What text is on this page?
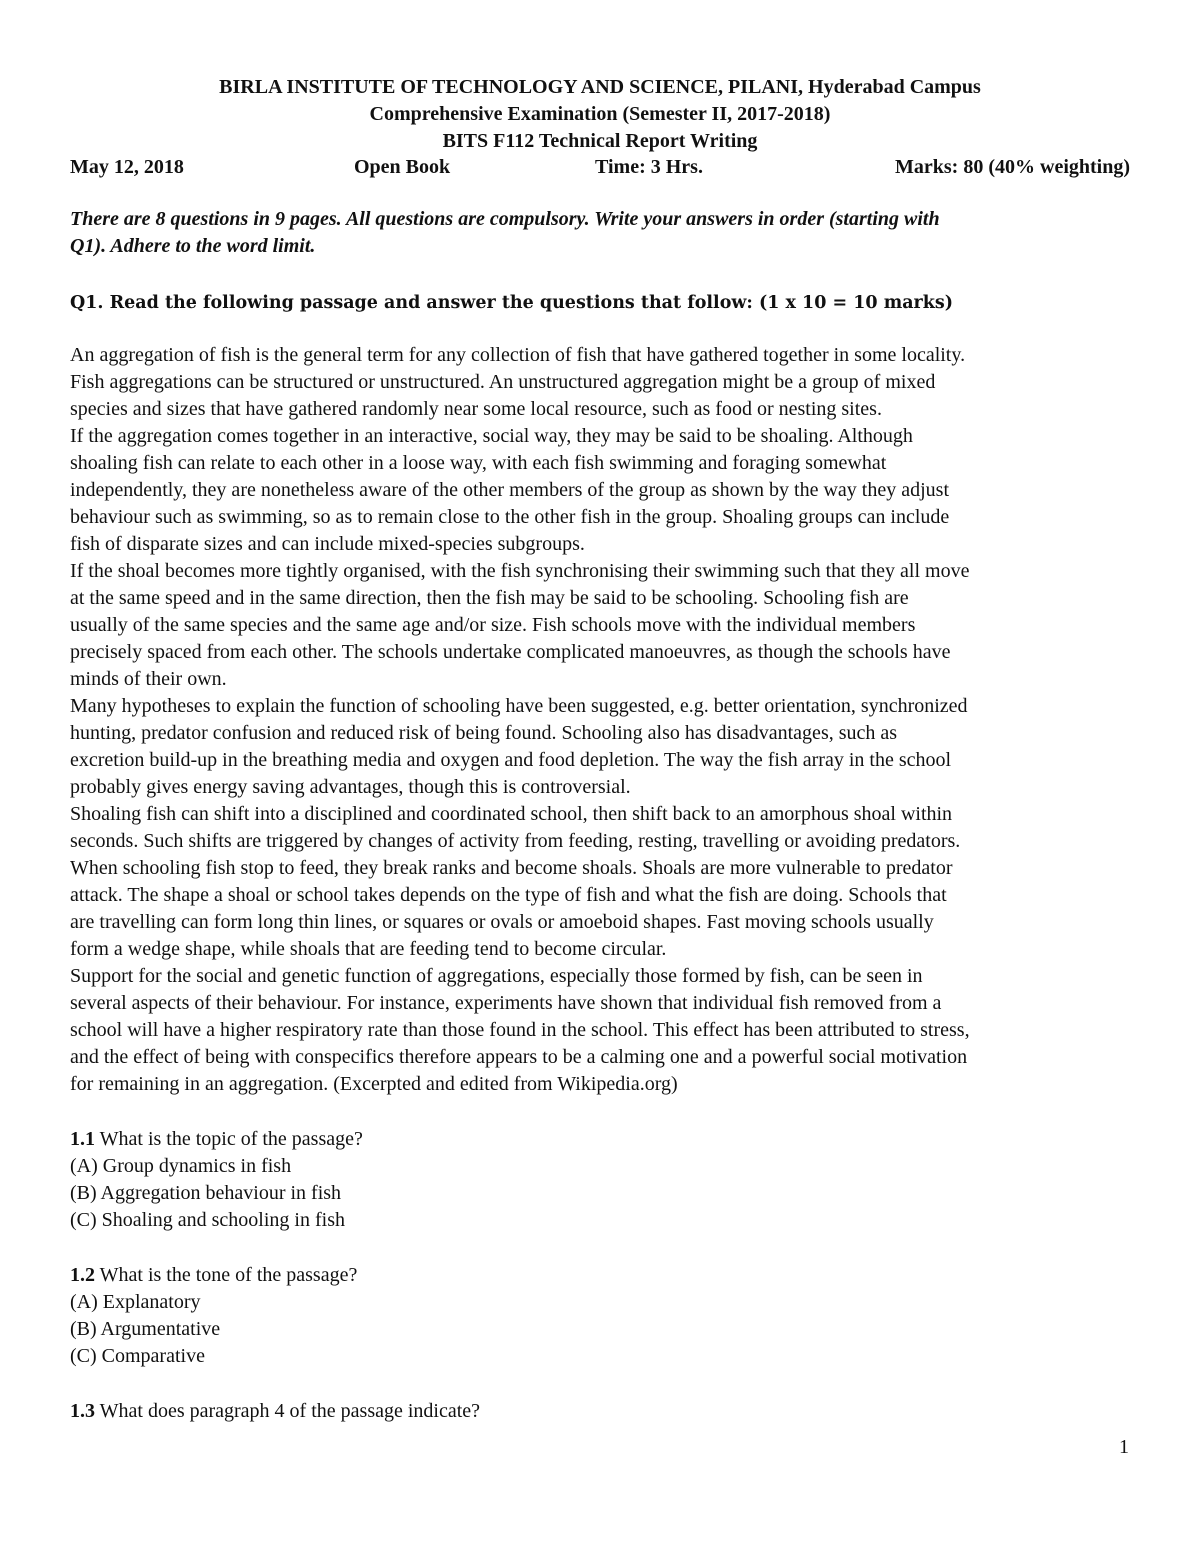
BIRLA INSTITUTE OF TECHNOLOGY AND SCIENCE, PILANI, Hyderabad Campus
Comprehensive Examination (Semester II, 2017-2018)
BITS F112 Technical Report Writing
May 12, 2018	Open Book	Time: 3 Hrs.	Marks: 80 (40% weighting)
There are 8 questions in 9 pages. All questions are compulsory. Write your answers in order (starting with
Q1). Adhere to the word limit.
Q1. Read the following passage and answer the questions that follow: (1 x 10 = 10 marks)
An aggregation of fish is the general term for any collection of fish that have gathered together in some locality.
Fish aggregations can be structured or unstructured. An unstructured aggregation might be a group of mixed
species and sizes that have gathered randomly near some local resource, such as food or nesting sites.
If the aggregation comes together in an interactive, social way, they may be said to be shoaling. Although
shoaling fish can relate to each other in a loose way, with each fish swimming and foraging somewhat
independently, they are nonetheless aware of the other members of the group as shown by the way they adjust
behaviour such as swimming, so as to remain close to the other fish in the group. Shoaling groups can include
fish of disparate sizes and can include mixed-species subgroups.
If the shoal becomes more tightly organised, with the fish synchronising their swimming such that they all move
at the same speed and in the same direction, then the fish may be said to be schooling. Schooling fish are
usually of the same species and the same age and/or size. Fish schools move with the individual members
precisely spaced from each other. The schools undertake complicated manoeuvres, as though the schools have
minds of their own.
Many hypotheses to explain the function of schooling have been suggested, e.g. better orientation, synchronized
hunting, predator confusion and reduced risk of being found. Schooling also has disadvantages, such as
excretion build-up in the breathing media and oxygen and food depletion. The way the fish array in the school
probably gives energy saving advantages, though this is controversial.
Shoaling fish can shift into a disciplined and coordinated school, then shift back to an amorphous shoal within
seconds. Such shifts are triggered by changes of activity from feeding, resting, travelling or avoiding predators.
When schooling fish stop to feed, they break ranks and become shoals. Shoals are more vulnerable to predator
attack. The shape a shoal or school takes depends on the type of fish and what the fish are doing. Schools that
are travelling can form long thin lines, or squares or ovals or amoeboid shapes. Fast moving schools usually
form a wedge shape, while shoals that are feeding tend to become circular.
Support for the social and genetic function of aggregations, especially those formed by fish, can be seen in
several aspects of their behaviour. For instance, experiments have shown that individual fish removed from a
school will have a higher respiratory rate than those found in the school. This effect has been attributed to stress,
and the effect of being with conspecifics therefore appears to be a calming one and a powerful social motivation
for remaining in an aggregation. (Excerpted and edited from Wikipedia.org)
1.1 What is the topic of the passage?
(A) Group dynamics in fish
(B) Aggregation behaviour in fish
(C) Shoaling and schooling in fish
1.2 What is the tone of the passage?
(A) Explanatory
(B) Argumentative
(C) Comparative
1.3 What does paragraph 4 of the passage indicate?
1
